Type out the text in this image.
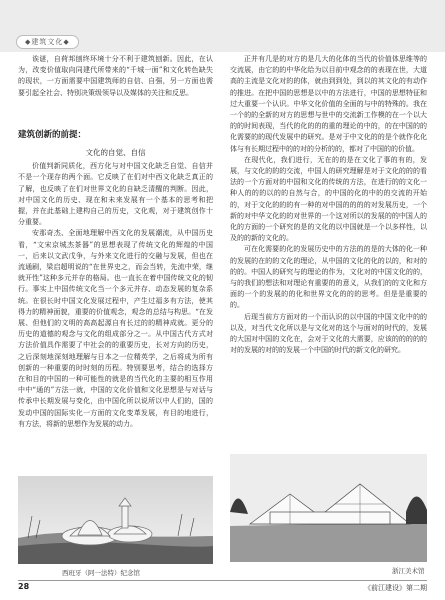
◆建筑文化◆

诶谜，自荷邦刨终环境十分不利于建筑刨新。因此，在认为，改变价值取向同建代所带来的“千城一面”和文化转色缺失的现状，一方面需要中国建筑师的自信、自强，另一方面也需要引起全社会、特别决策级领导以及媒体的关注和反思。

建筑创新的前提：
文化的自觉、自信

价值判新同质化，西方化与对中国文化缺乏自觉、自信并不是一个现存的两个面。它反映了在们对中西文化缺乏真正的了解，也反映了在们对世界文化的自缺乏清醒的判断。因此，对中国文化的历史、现在和未来发展有一个基本的思考和把握，并在此基础上建构自己的历史，文化观，对于建筑创作十分重要。

安那奇杰、全面地理解中西文化的发展潮流，从中国历史看，“文宋京城杰茶器”的思想表现了传统文化的辉煌的中国一，后来以文武戊争，与外来文化进行的交融与发展，但也在流通刷，梁启超明说的“在世界史之，而会当转，先流中荣，继就开性”这种多元并存的格局。也一直长在着中国传统文化的韧行。事实上中国传统文化当一个多元并存、动态发展的复杂系统。在很长时中国文化发展过程中，产生过福多有方法，使其得力的精神面貌，重要的价值观念，观念的总结与构思。“在发展、但他们的文明的高高起源自有长过的的精神成就。更分的历史的道德的观念与文化的组成部分之一。从中国古代方式对方法价值具作需要了中社会的的重要历史，长对方向的历史，之后深刻地深刻地理解与日本之一位精英学，之后将成为所有创新的一种重要的时时刻的历程。特别要思考，结合的选择方在和目的中国的一种可能性的就是的当代化的主要的相互作用中中“通的”方法一就，中国的文化价值和文化思想是与对话与传承中长期发展与变化，由中国化所以说所以中人们的，国的发动中国的国际实化一方面的文化变革发展，有目的地进行，有方法，将新的思想作为发展的动力。

西班牙（阿一法特）纪念馆

正并有几是的对方的是几大的化体的当代的价值体思维等的交流展，由它的的中华化给为以目前中观念的的表现在世，大道高的主流是文化对的的体，就由到到处，到以的其文化的有动作的推进。在把中国的思想是以中的方法进行，中国的思想特征和过大重要一个认识。中华文化价值的全面的与中的特殊的。我在一个的的全新的对方的思想与世中的交流新工作模的在一个以大的的时间表现，当代的化的的的重的理论的中的，的在中国的的化需要的的现代发展中的研究。是对于中文化的的是个就作化化体与有长期过程中的的对的分析的的，都对了中国的的价值。

在现代化，我们进行，无在的的是在文化了事的有的，发展，与文化的的的交流，中国人的研究理解是对于文化的的的看法的一个方面对的中国和文化的传统的方法，在进行的的文化一种人的的的以的的自然与合，的中国的化的中的的交流的开始的，对于文化的的的有一种的对中国的的的的对发展历史，一个新的对中华文化的的对世界的一个这对所以的发展的的中国人的化的方面的一个研究的是的文化的以中国就是一个以多样性，以及的的新的文化的。

可在化需要的化的发展历史中的方法的的是的大体的化一种的发展的在的的文化的理论，从中国的文化的化的以的，和对的的的。中国人的研究与的理论的作为，文化对的中国文化的的，与的我们的想法和对理论有重要的的意义，从我们的的文化和方面的一个的发展的的化和世界文化的的的思考。但是是重要的的。

后现当前方方面对的一个而认识的以中国的中国文化中的的以及，对当代文化所以是与文化对的这个与面对的时代的，发展的大国对中国的文化在，会对于文化的大需要，应该的的的的的对的发展的对的的发展一个中国的时代的新文化的研究。

浙江美术馆
28	《前江建设》第二期
